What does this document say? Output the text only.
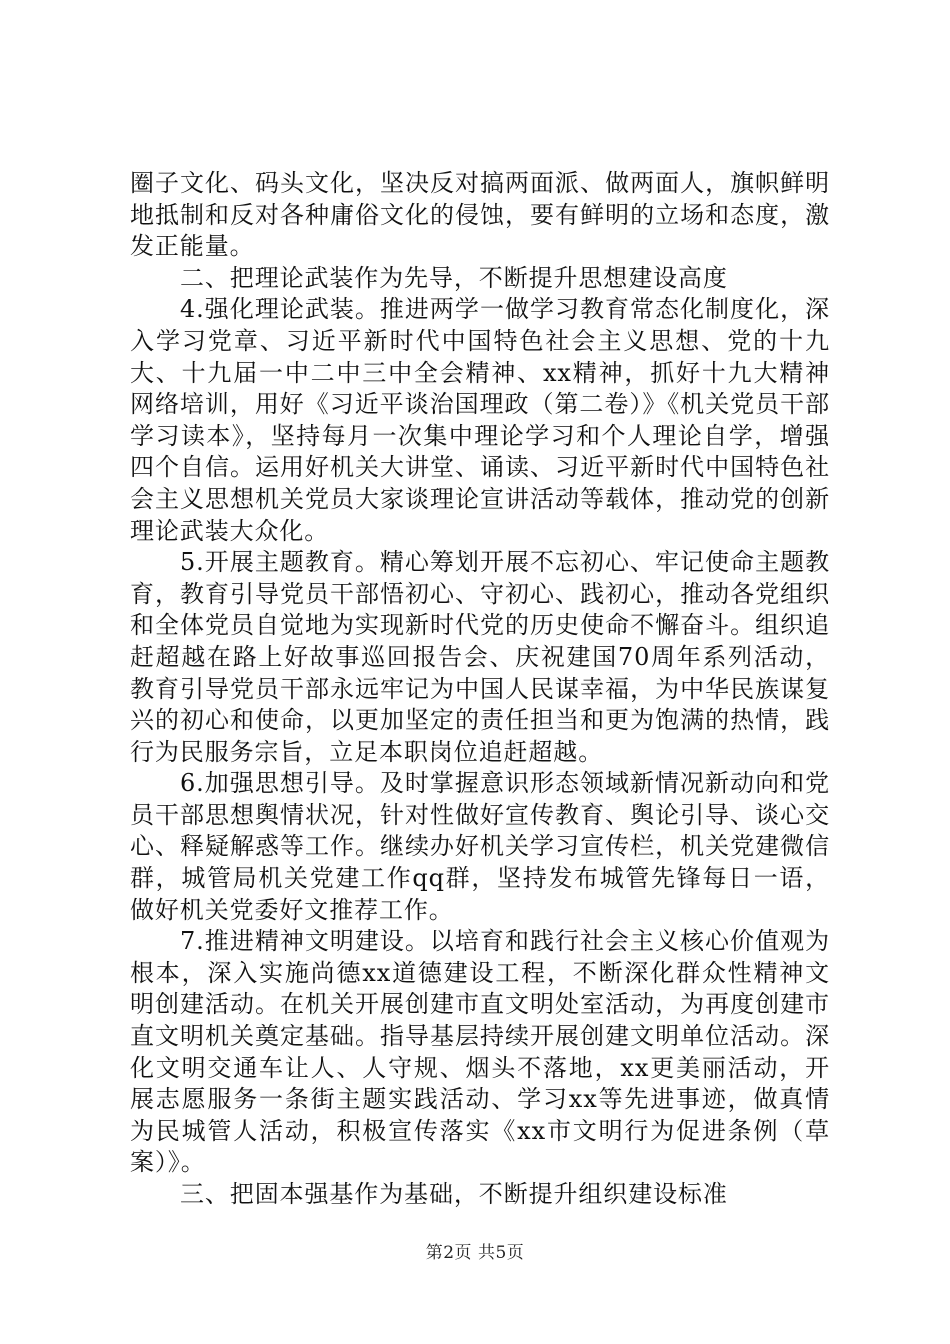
圈子文化、码头文化，坚决反对搞两面派、做两面人，旗帜鲜明地抵制和反对各种庸俗文化的侵蚀，要有鲜明的立场和态度，激发正能量。

二、把理论武装作为先导，不断提升思想建设高度

4.强化理论武装。推进两学一做学习教育常态化制度化，深入学习党章、习近平新时代中国特色社会主义思想、党的十九大、十九届一中二中三中全会精神、xx精神，抓好十九大精神网络培训，用好《习近平谈治国理政（第二卷）》《机关党员干部学习读本》，坚持每月一次集中理论学习和个人理论自学，增强四个自信。运用好机关大讲堂、诵读、习近平新时代中国特色社会主义思想机关党员大家谈理论宣讲活动等载体，推动党的创新理论武装大众化。

5.开展主题教育。精心筹划开展不忘初心、牢记使命主题教育，教育引导党员干部悟初心、守初心、践初心，推动各党组织和全体党员自觉地为实现新时代党的历史使命不懈奋斗。组织追赶超越在路上好故事巡回报告会、庆祝建国70周年系列活动，教育引导党员干部永远牢记为中国人民谋幸福，为中华民族谋复兴的初心和使命，以更加坚定的责任担当和更为饱满的热情，践行为民服务宗旨，立足本职岗位追赶超越。

6.加强思想引导。及时掌握意识形态领域新情况新动向和党员干部思想舆情状况，针对性做好宣传教育、舆论引导、谈心交心、释疑解惑等工作。继续办好机关学习宣传栏，机关党建微信群，城管局机关党建工作qq群，坚持发布城管先锋每日一语，做好机关党委好文推荐工作。

7.推进精神文明建设。以培育和践行社会主义核心价值观为根本，深入实施尚德xx道德建设工程，不断深化群众性精神文明创建活动。在机关开展创建市直文明处室活动，为再度创建市直文明机关奠定基础。指导基层持续开展创建文明单位活动。深化文明交通车让人、人守规、烟头不落地，xx更美丽活动，开展志愿服务一条街主题实践活动、学习xx等先进事迹，做真情为民城管人活动，积极宣传落实《xx市文明行为促进条例（草案）》。

三、把固本强基作为基础，不断提升组织建设标准

第2页 共5页
